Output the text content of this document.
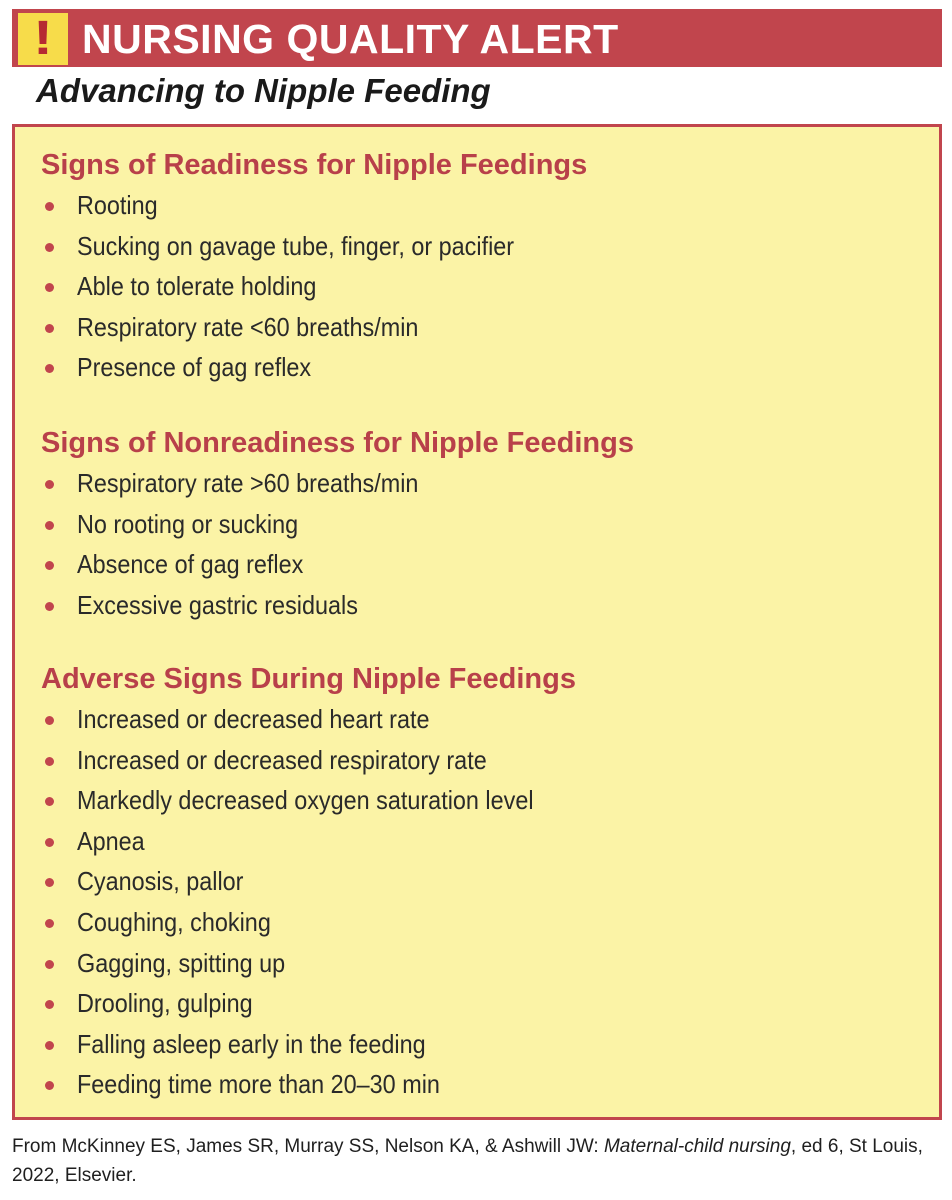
! NURSING QUALITY ALERT
Advancing to Nipple Feeding
Signs of Readiness for Nipple Feedings
Rooting
Sucking on gavage tube, finger, or pacifier
Able to tolerate holding
Respiratory rate <60 breaths/min
Presence of gag reflex
Signs of Nonreadiness for Nipple Feedings
Respiratory rate >60 breaths/min
No rooting or sucking
Absence of gag reflex
Excessive gastric residuals
Adverse Signs During Nipple Feedings
Increased or decreased heart rate
Increased or decreased respiratory rate
Markedly decreased oxygen saturation level
Apnea
Cyanosis, pallor
Coughing, choking
Gagging, spitting up
Drooling, gulping
Falling asleep early in the feeding
Feeding time more than 20–30 min
From McKinney ES, James SR, Murray SS, Nelson KA, & Ashwill JW: Maternal-child nursing, ed 6, St Louis, 2022, Elsevier.
